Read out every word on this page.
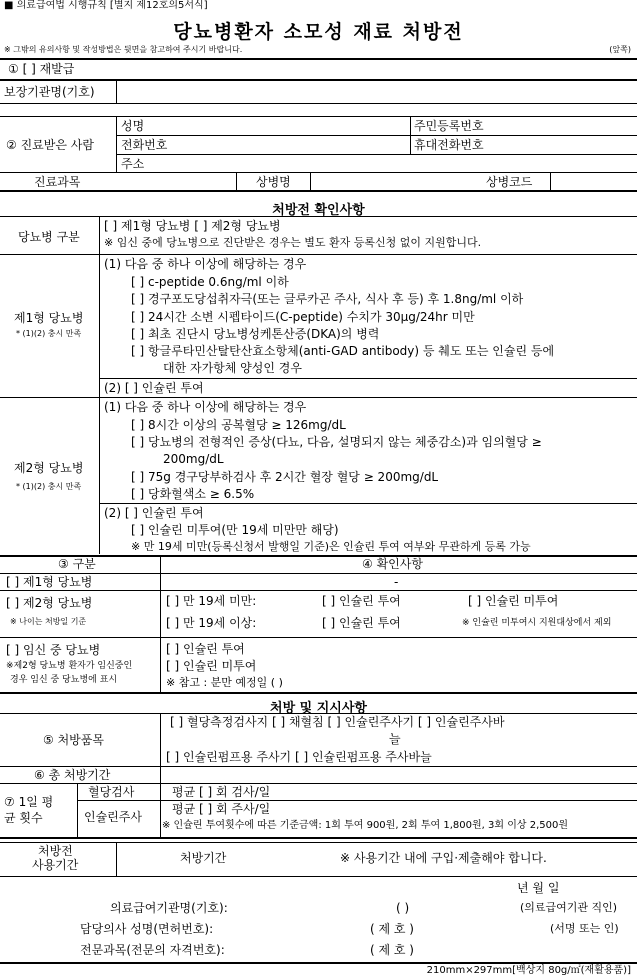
■ 의료급여법 시행규칙 [별지 제12호의5서식]
당뇨병환자 소모성 재료 처방전
※ 그밖의 유의사항 및 작성방법은 뒷면을 참고하여 주시기 바랍니다.	(앞쪽)
① [ ] 재발급
보장기관명(기호)
② 진료받은 사람
성명	주민등록번호
전화번호	휴대전화번호
주소
진료과목	상병명	상병코드
처방전 확인사항
당뇨병 구분
[ ] 제1형 당뇨병 [ ] 제2형 당뇨병
※ 임신 중에 당뇨병으로 진단받은 경우는 별도 환자 등록신청 없이 지원합니다.
제1형 당뇨병
* (1)(2) 충시 만족
(1) 다음 중 하나 이상에 해당하는 경우
[ ] c-peptide 0.6ng/ml 이하
[ ] 경구포도당섭취자극(또는 글루카곤 주사, 식사 후 등) 후 1.8ng/ml 이하
[ ] 24시간 소변 시펩타이드(C-peptide) 수치가 30μg/24hr 미만
[ ] 최초 진단시 당뇨병성케톤산증(DKA)의 병력
[ ] 항글루타민산탈탄산효소항체(anti-GAD antibody) 등 췌도 또는 인슐린 등에
대한 자가항체 양성인 경우
(2) [ ] 인슐린 투여
제2형 당뇨병
* (1)(2) 충시 만족
(1) 다음 중 하나 이상에 해당하는 경우
[ ] 8시간 이상의 공복혈당 ≥ 126mg/dL
[ ] 당뇨병의 전형적인 증상(다뇨, 다음, 설명되지 않는 체중감소)과 임의혈당 ≥
200mg/dL
[ ] 75g 경구당부하검사 후 2시간 혈장 혈당 ≥ 200mg/dL
[ ] 당화혈색소 ≥ 6.5%
(2) [ ] 인슐린 투여
[ ] 인슐린 미투여(만 19세 미만만 해당)
※ 만 19세 미만(등록신청서 발행일 기준)은 인슐린 투여 여부와 무관하게 등록 가능
③ 구분	④ 확인사항
[ ] 제1형 당뇨병	-
[ ] 제2형 당뇨병
※ 나이는 처방일 기준
[ ] 만 19세 미만:	[ ] 인슐린 투여	[ ] 인슐린 미투여
[ ] 만 19세 이상:	[ ] 인슐린 투여	※ 인슐린 미투여시 지원대상에서 제외
[ ] 임신 중 당뇨병
※제2형 당뇨병 환자가 임신중인
경우 임신 중 당뇨병에 표시
[ ] 인슐린 투여
[ ] 인슐린 미투여
※ 참고 : 분만 예정일 ( )
처방 및 지시사항
⑤ 처방품목
[ ] 혈당측정검사지 [ ] 채혈침 [ ] 인슐린주사기 [ ] 인슐린주사바
늘
[ ] 인슐린펌프용 주사기 [ ] 인슐린펌프용 주사바늘
⑥ 총 처방기간
⑦ 1일 평
균 횟수
혈당검사	평균 [ ] 회 검사/일
인슐린주사
평균 [ ] 회 주사/일
※ 인슐린 투여횟수에 따른 기준금액: 1회 투여 900원, 2회 투여 1,800원, 3회 이상 2,500원
처방전
사용기간	처방기간	※ 사용기간 내에 구입·제출해야 합니다.
년 월 일
의료급여기관명(기호):	( )	(의료급여기관 직인)
담당의사 성명(면허번호):	( 제 호 )	(서명 또는 인)
전문과목(전문의 자격번호):	( 제 호 )
210mm×297mm[백상지 80g/㎡(재활용품)]
